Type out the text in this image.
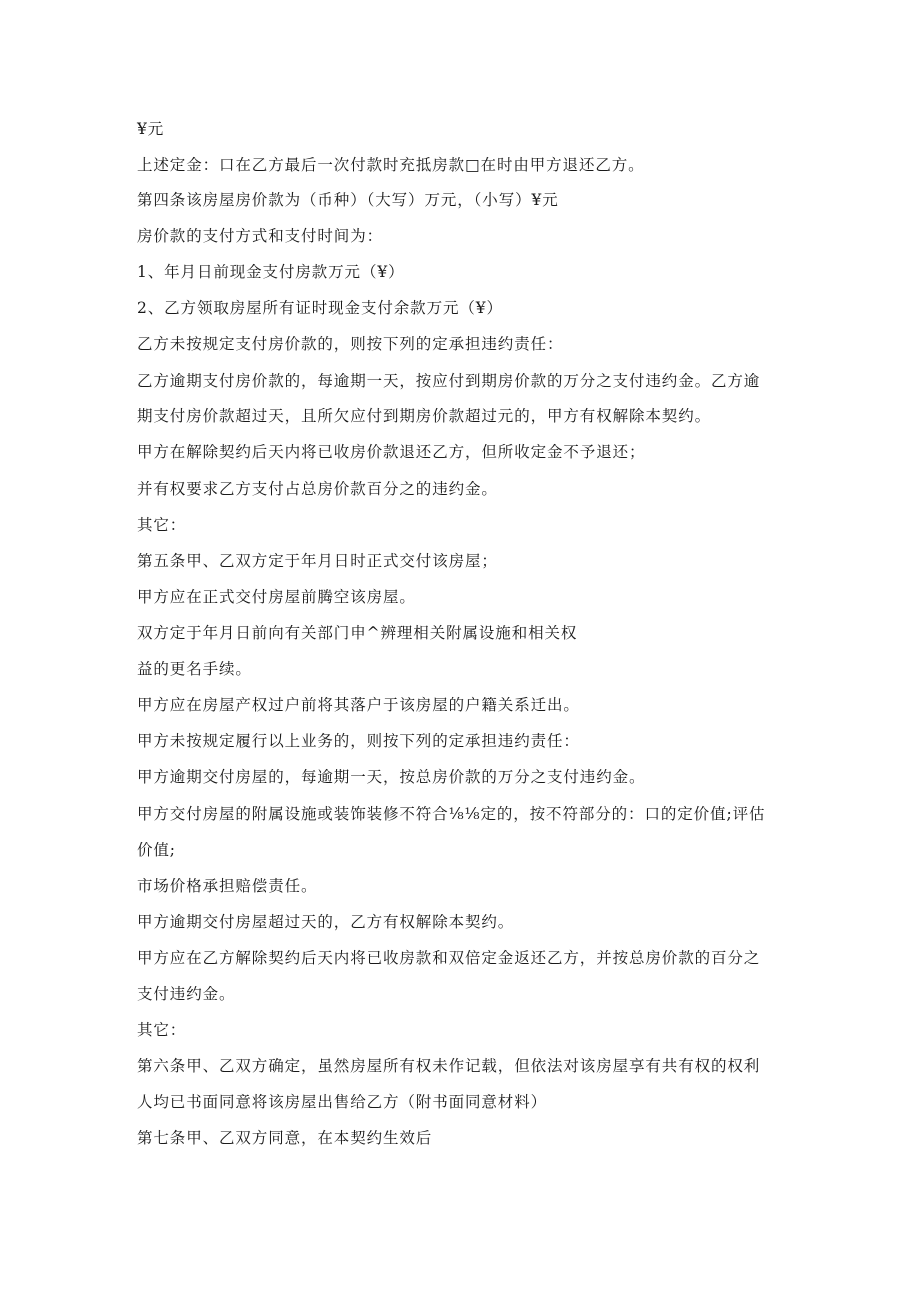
¥元
上述定金：口在乙方最后一次付款时充抵房款□在时由甲方退还乙方。
第四条该房屋房价款为（币种）（大写）万元，（小写）¥元
房价款的支付方式和支付时间为：
1、年月日前现金支付房款万元（¥）
2、乙方领取房屋所有证时现金支付余款万元（¥）
乙方未按规定支付房价款的，则按下列的定承担违约责任：
乙方逾期支付房价款的，每逾期一天，按应付到期房价款的万分之支付违约金。乙方逾
期支付房价款超过天，且所欠应付到期房价款超过元的，甲方有权解除本契约。
甲方在解除契约后天内将已收房价款退还乙方，但所收定金不予退还；
并有权要求乙方支付占总房价款百分之的违约金。
其它：
第五条甲、乙双方定于年月日时正式交付该房屋；
甲方应在正式交付房屋前腾空该房屋。
双方定于年月日前向有关部门申^辨理相关附属设施和相关权
益的更名手续。
甲方应在房屋产权过户前将其落户于该房屋的户籍关系迁出。
甲方未按规定履行以上业务的，则按下列的定承担违约责任：
甲方逾期交付房屋的，每逾期一天，按总房价款的万分之支付违约金。
甲方交付房屋的附属设施或装饰装修不符合⅛⅛定的，按不符部分的：口的定价值;评估
价值;
市场价格承担赔偿责任。
甲方逾期交付房屋超过天的，乙方有权解除本契约。
甲方应在乙方解除契约后天内将已收房款和双倍定金返还乙方，并按总房价款的百分之
支付违约金。
其它：
第六条甲、乙双方确定，虽然房屋所有权未作记载，但依法对该房屋享有共有权的权利
人均已书面同意将该房屋出售给乙方（附书面同意材料）
第七条甲、乙双方同意，在本契约生效后
